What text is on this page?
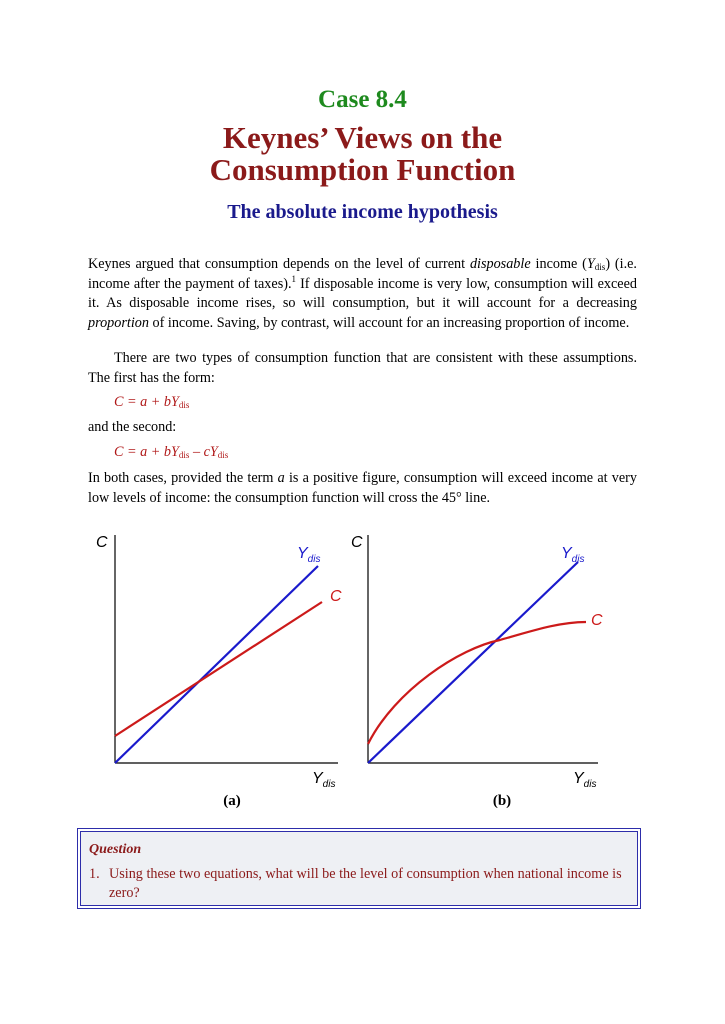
Case 8.4
Keynes’ Views on the
Consumption Function
The absolute income hypothesis
Keynes argued that consumption depends on the level of current disposable income $(Y_{dis})$ (i.e. income after the payment of taxes).$^1$ If disposable income is very low, consumption will exceed it. As disposable income rises, so will consumption, but it will account for a decreasing proportion of income. Saving, by contrast, will account for an increasing proportion of income.
There are two types of consumption function that are consistent with these assumptions. The first has the form:
$C = a + bY_{dis}$
and the second:
$C = a + bY_{dis} - cY_{dis}$
In both cases, provided the term a is a positive figure, consumption will exceed income at very low levels of income: the consumption function will cross the 45° line.
C
$Y_{dis}$
C
$Y_{dis}$
(a)
C
$Y_{dis}$
C
$Y_{dis}$
(b)
Question
1. Using these two equations, what will be the level of consumption when national income is zero?
